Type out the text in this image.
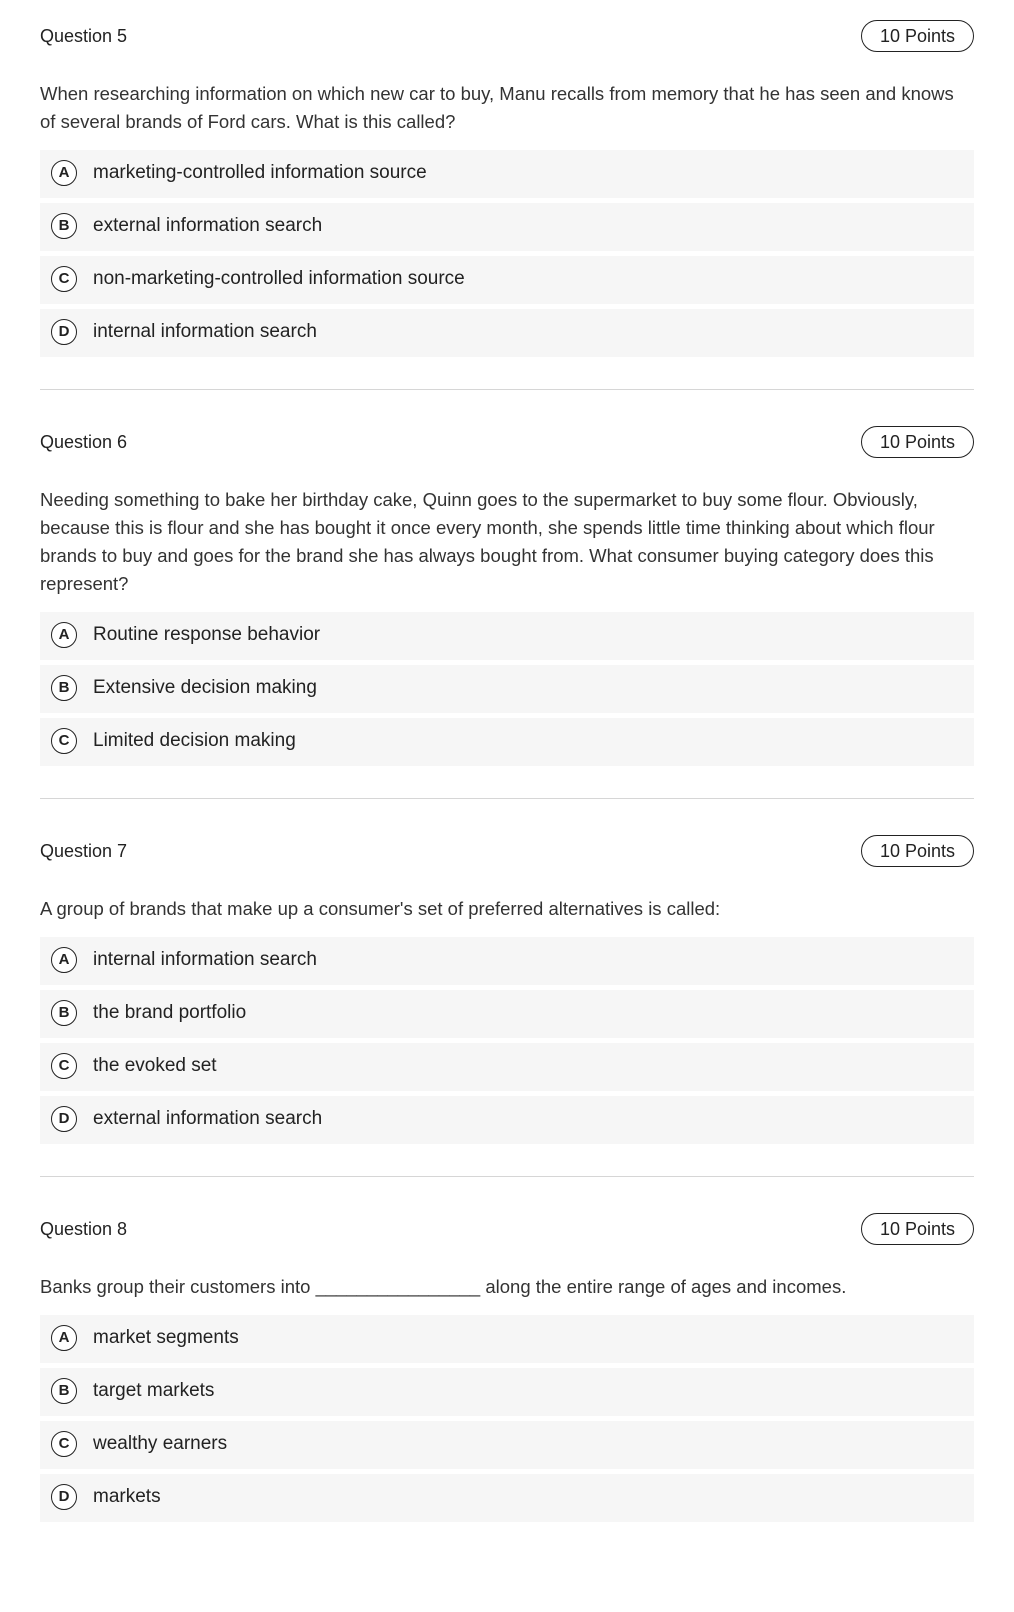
Question 5	10 Points
When researching information on which new car to buy, Manu recalls from memory that he has seen and knows of several brands of Ford cars. What is this called?
A	marketing-controlled information source
B	external information search
C	non-marketing-controlled information source
D	internal information search
Question 6	10 Points
Needing something to bake her birthday cake, Quinn goes to the supermarket to buy some flour. Obviously, because this is flour and she has bought it once every month, she spends little time thinking about which flour brands to buy and goes for the brand she has always bought from. What consumer buying category does this represent?
A	Routine response behavior
B	Extensive decision making
C	Limited decision making
Question 7	10 Points
A group of brands that make up a consumer's set of preferred alternatives is called:
A	internal information search
B	the brand portfolio
C	the evoked set
D	external information search
Question 8	10 Points
Banks group their customers into ________________ along the entire range of ages and incomes.
A	market segments
B	target markets
C	wealthy earners
D	markets
